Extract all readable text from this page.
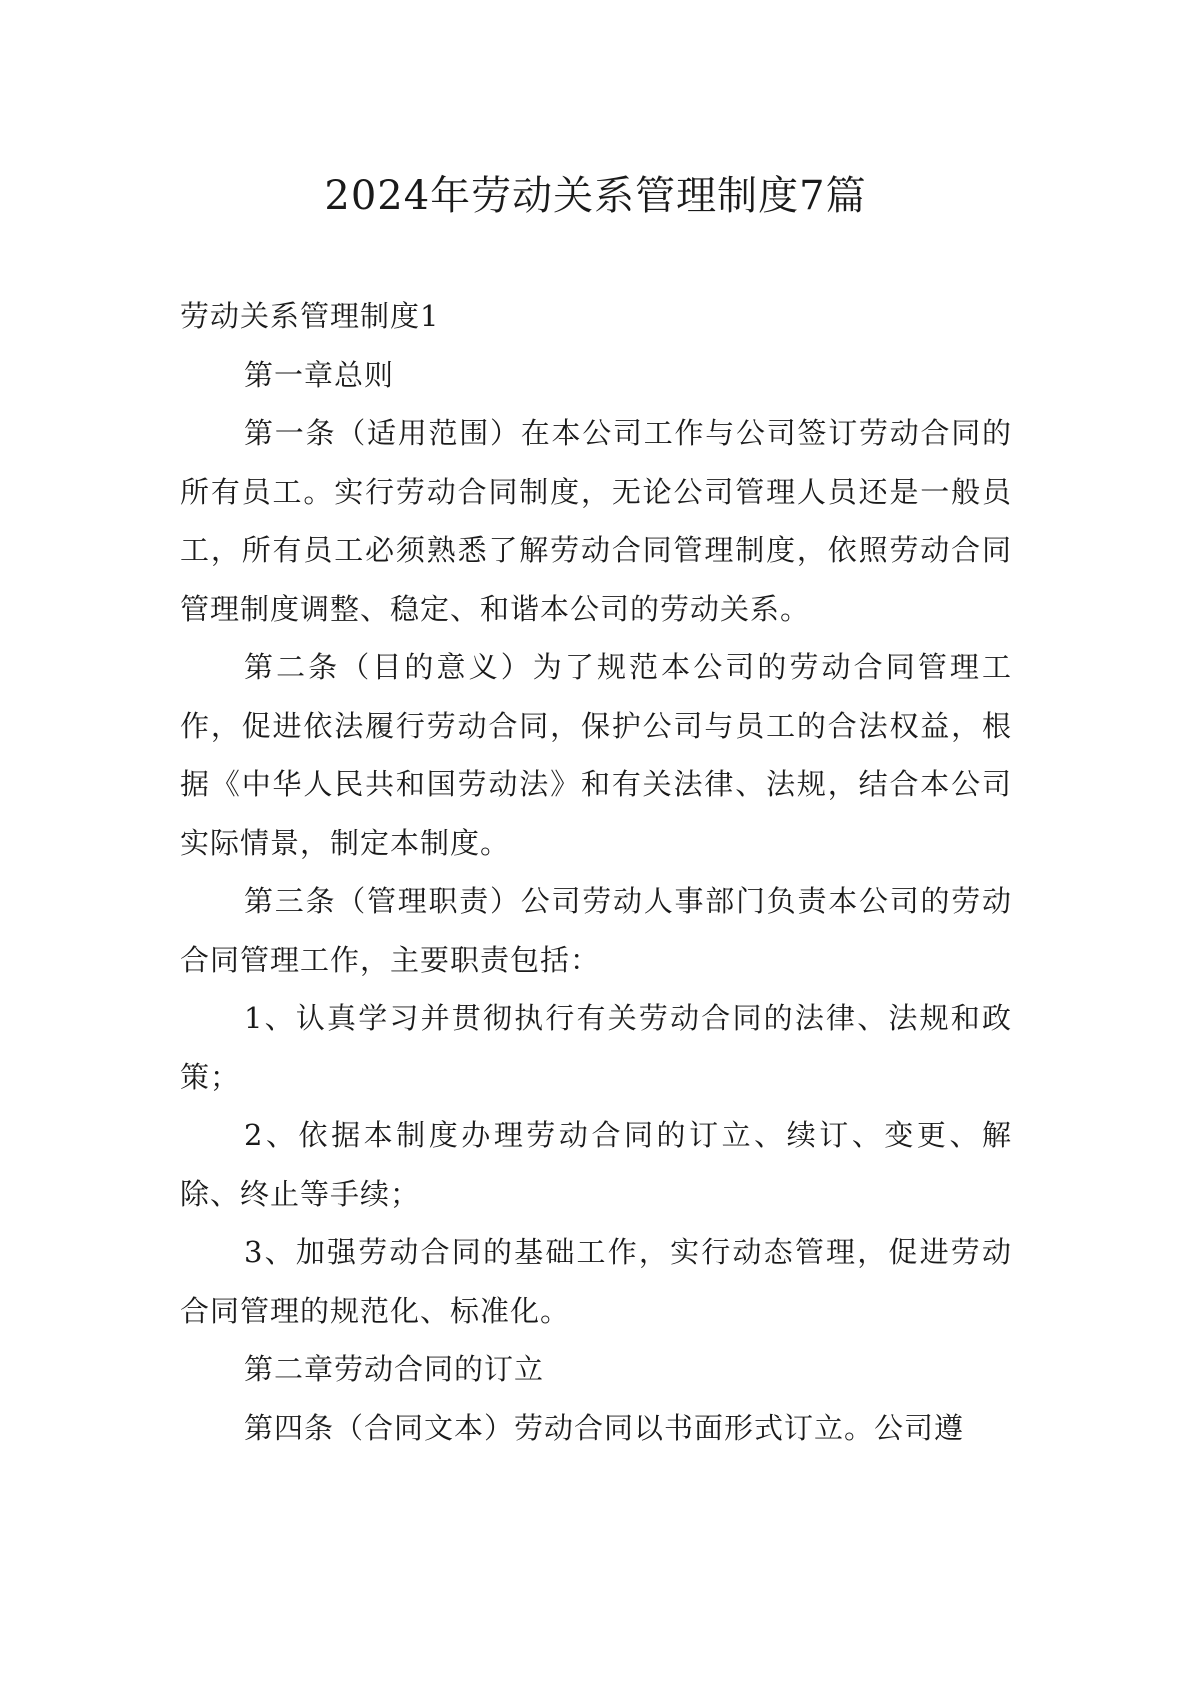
2024年劳动关系管理制度7篇

劳动关系管理制度1

第一章总则

第一条（适用范围）在本公司工作与公司签订劳动合同的所有员工。实行劳动合同制度，无论公司管理人员还是一般员工，所有员工必须熟悉了解劳动合同管理制度，依照劳动合同管理制度调整、稳定、和谐本公司的劳动关系。

第二条（目的意义）为了规范本公司的劳动合同管理工作，促进依法履行劳动合同，保护公司与员工的合法权益，根据《中华人民共和国劳动法》和有关法律、法规，结合本公司实际情景，制定本制度。

第三条（管理职责）公司劳动人事部门负责本公司的劳动合同管理工作，主要职责包括：

1、认真学习并贯彻执行有关劳动合同的法律、法规和政策；

2、依据本制度办理劳动合同的订立、续订、变更、解除、终止等手续；

3、加强劳动合同的基础工作，实行动态管理，促进劳动合同管理的规范化、标准化。

第二章劳动合同的订立

第四条（合同文本）劳动合同以书面形式订立。公司遵
